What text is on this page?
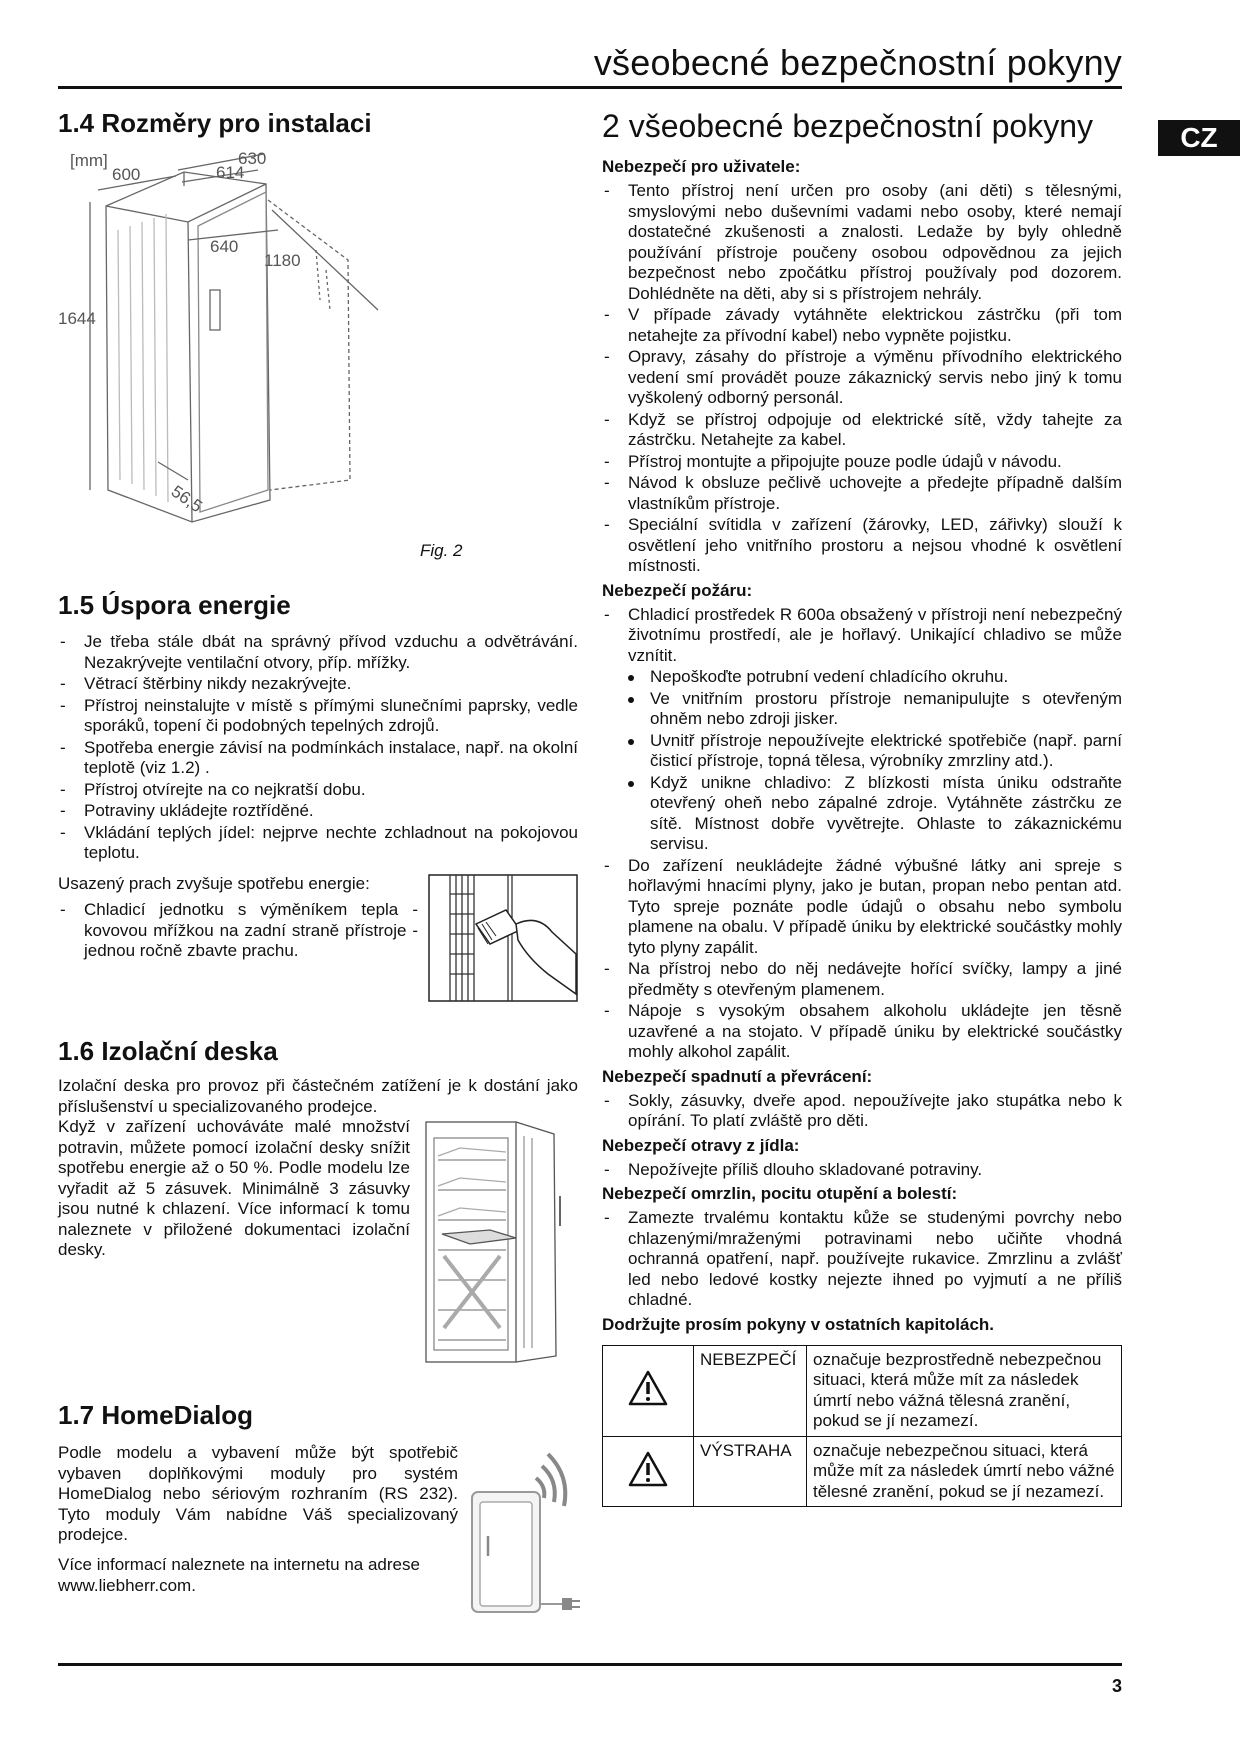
všeobecné bezpečnostní pokyny
CZ
1.4 Rozměry pro instalaci
[mm]	630
600	614
640
1180
1644
56,5
Fig. 2
1.5 Úspora energie
- Je třeba stále dbát na správný přívod vzduchu a odvětrávání. Nezakrývejte ventilační otvory, příp. mřížky.
- Větrací štěrbiny nikdy nezakrývejte.
- Přístroj neinstalujte v místě s přímými slunečními paprsky, vedle sporáků, topení či podobných tepelných zdrojů.
- Spotřeba energie závisí na podmínkách instalace, např. na okolní teplotě (viz 1.2) .
- Přístroj otvírejte na co nejkratší dobu.
- Potraviny ukládejte roztříděné.
- Vkládání teplých jídel: nejprve nechte zchladnout na pokojovou teplotu.
Usazený prach zvyšuje spotřebu energie:
- Chladicí jednotku s výměníkem tepla - kovovou mřížkou na zadní straně přístroje - jednou ročně zbavte prachu.
1.6 Izolační deska
Izolační deska pro provoz při částečném zatížení je k dostání jako příslušenství u specializovaného prodejce.
Když v zařízení uchováváte malé množství potravin, můžete pomocí izolační desky snížit spotřebu energie až o 50 %. Podle modelu lze vyřadit až 5 zásuvek. Minimálně 3 zásuvky jsou nutné k chlazení. Více informací k tomu naleznete v přiložené dokumentaci izolační desky.
1.7 HomeDialog
Podle modelu a vybavení může být spotřebič vybaven doplňkovými moduly pro systém HomeDialog nebo sériovým rozhraním (RS 232). Tyto moduly Vám nabídne Váš specializovaný prodejce.
Více informací naleznete na internetu na adrese www.liebherr.com.
2 všeobecné bezpečnostní pokyny
Nebezpečí pro uživatele:
- Tento přístroj není určen pro osoby (ani děti) s tělesnými, smyslovými nebo duševními vadami nebo osoby, které nemají dostatečné zkušenosti a znalosti. Ledaže by byly ohledně používání přístroje poučeny osobou odpovědnou za jejich bezpečnost nebo zpočátku přístroj používaly pod dozorem. Dohlédněte na děti, aby si s přístrojem nehrály.
- V případe závady vytáhněte elektrickou zástrčku (při tom netahejte za přívodní kabel) nebo vypněte pojistku.
- Opravy, zásahy do přístroje a výměnu přívodního elektrického vedení smí provádět pouze zákaznický servis nebo jiný k tomu vyškolený odborný personál.
- Když se přístroj odpojuje od elektrické sítě, vždy tahejte za zástrčku. Netahejte za kabel.
- Přístroj montujte a připojujte pouze podle údajů v návodu.
- Návod k obsluze pečlivě uchovejte a předejte případně dalším vlastníkům přístroje.
- Speciální svítidla v zařízení (žárovky, LED, zářivky) slouží k osvětlení jeho vnitřního prostoru a nejsou vhodné k osvětlení místnosti.
Nebezpečí požáru:
- Chladicí prostředek R 600a obsažený v přístroji není nebezpečný životnímu prostředí, ale je hořlavý. Unikající chladivo se může vznítit.
Nepoškoďte potrubní vedení chladícího okruhu.
Ve vnitřním prostoru přístroje nemanipulujte s otevřeným ohněm nebo zdroji jisker.
Uvnitř přístroje nepoužívejte elektrické spotřebiče (např. parní čisticí přístroje, topná tělesa, výrobníky zmrzliny atd.).
Když unikne chladivo: Z blízkosti místa úniku odstraňte otevřený oheň nebo zápalné zdroje. Vytáhněte zástrčku ze sítě. Místnost dobře vyvětrejte. Ohlaste to zákaznickému servisu.
- Do zařízení neukládejte žádné výbušné látky ani spreje s hořlavými hnacími plyny, jako je butan, propan nebo pentan atd. Tyto spreje poznáte podle údajů o obsahu nebo symbolu plamene na obalu. V případě úniku by elektrické součástky mohly tyto plyny zapálit.
- Na přístroj nebo do něj nedávejte hořící svíčky, lampy a jiné předměty s otevřeným plamenem.
- Nápoje s vysokým obsahem alkoholu ukládejte jen těsně uzavřené a na stojato. V případě úniku by elektrické součástky mohly alkohol zapálit.
Nebezpečí spadnutí a převrácení:
- Sokly, zásuvky, dveře apod. nepoužívejte jako stupátka nebo k opírání. To platí zvláště pro děti.
Nebezpečí otravy z jídla:
- Nepožívejte příliš dlouho skladované potraviny.
Nebezpečí omrzlin, pocitu otupění a bolestí:
- Zamezte trvalému kontaktu kůže se studenými povrchy nebo chlazenými/mraženými potravinami nebo učiňte vhodná ochranná opatření, např. používejte rukavice. Zmrzlinu a zvlášť led nebo ledové kostky nejezte ihned po vyjmutí a ne příliš chladné.
Dodržujte prosím pokyny v ostatních kapitolách.
	NEBEZPEČÍ	označuje bezprostředně nebezpečnou situaci, která může mít za následek úmrtí nebo vážná tělesná zranění, pokud se jí nezamezí.
	VÝSTRAHA	označuje nebezpečnou situaci, která může mít za následek úmrtí nebo vážné tělesné zranění, pokud se jí nezamezí.
3
